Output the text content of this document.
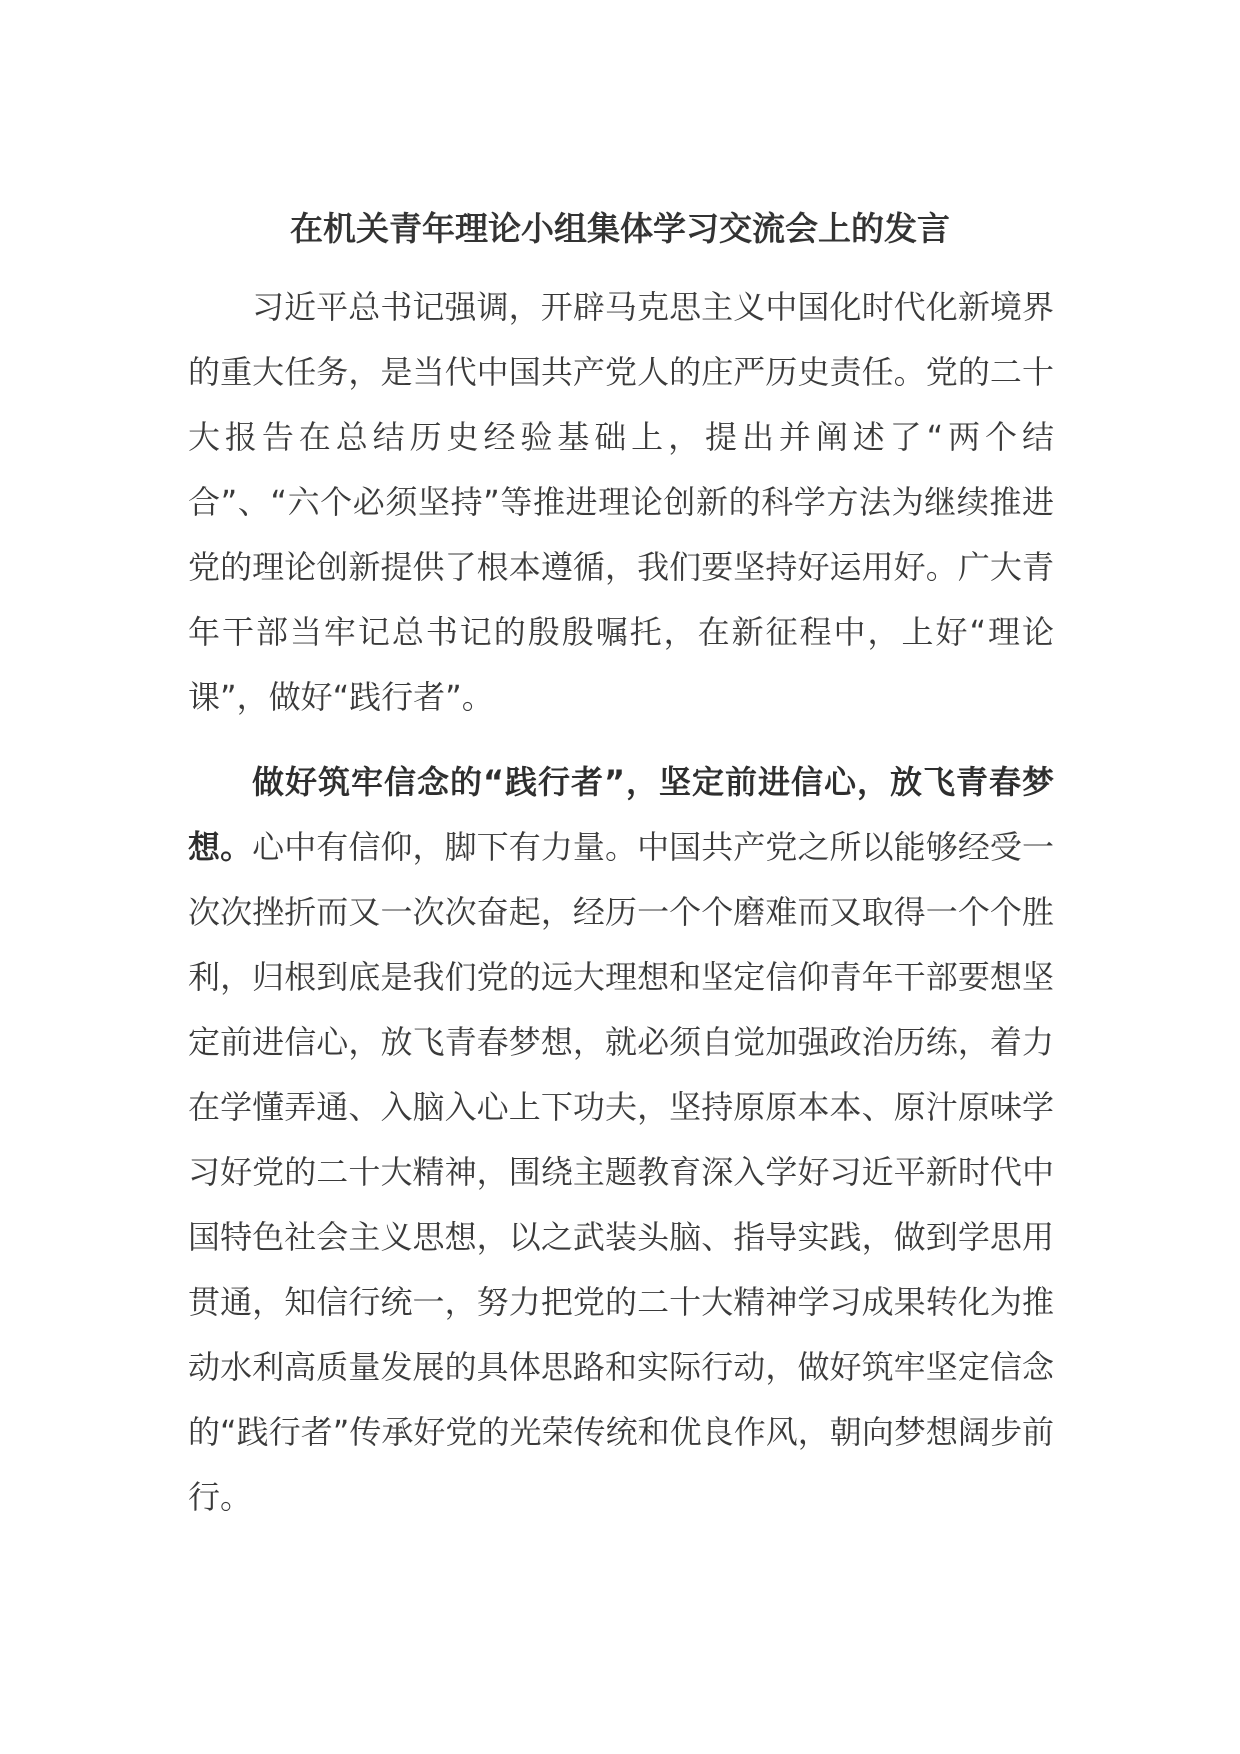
在机关青年理论小组集体学习交流会上的发言

习近平总书记强调，开辟马克思主义中国化时代化新境界的重大任务，是当代中国共产党人的庄严历史责任。党的二十大报告在总结历史经验基础上，提出并阐述了“两个结合”、“六个必须坚持”等推进理论创新的科学方法为继续推进党的理论创新提供了根本遵循，我们要坚持好运用好。广大青年干部当牢记总书记的殷殷嘱托，在新征程中，上好“理论课”，做好“践行者”。

做好筑牢信念的“践行者”，坚定前进信心，放飞青春梦想。心中有信仰，脚下有力量。中国共产党之所以能够经受一次次挫折而又一次次奋起，经历一个个磨难而又取得一个个胜利，归根到底是我们党的远大理想和坚定信仰青年干部要想坚定前进信心，放飞青春梦想，就必须自觉加强政治历练，着力在学懂弄通、入脑入心上下功夫，坚持原原本本、原汁原味学习好党的二十大精神，围绕主题教育深入学好习近平新时代中国特色社会主义思想，以之武装头脑、指导实践，做到学思用贯通，知信行统一，努力把党的二十大精神学习成果转化为推动水利高质量发展的具体思路和实际行动，做好筑牢坚定信念的“践行者”传承好党的光荣传统和优良作风，朝向梦想阔步前行。
